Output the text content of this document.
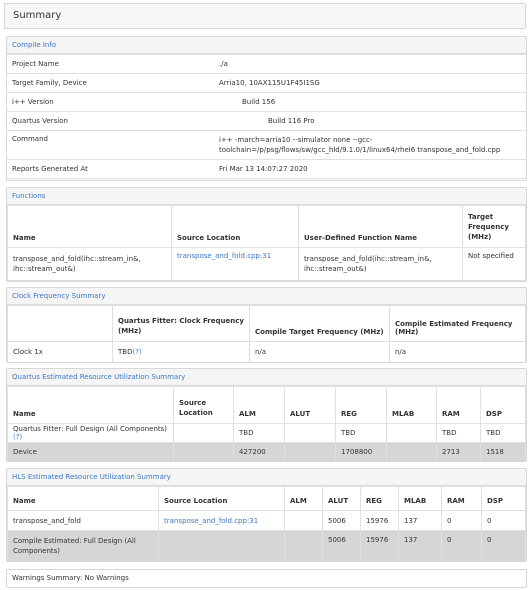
Summary
Compile Info
Project Name	./a
Target Family, Device	Arria10, 10AX115U1F45I1SG
i++ Version	Build 156
Quartus Version	Build 116 Pro
Command	i++ -march=arria10 --simulator none --gcc-toolchain=/p/psg/flows/sw/gcc_hld/9.1.0/1/linux64/rhel6 transpose_and_fold.cpp
Reports Generated At	Fri Mar 13 14:07:27 2020
Functions
Name	Source Location	User-Defined Function Name	Target Frequency (MHz)
transpose_and_fold(ihc::stream_in&, ihc::stream_out&)	transpose_and_fold.cpp:31	transpose_and_fold(ihc::stream_in&, ihc::stream_out&)	Not specified
Clock Frequency Summary
	Quartus Fitter: Clock Frequency (MHz)	Compile Target Frequency (MHz)	Compile Estimated Frequency (MHz)
Clock 1x	TBD(?)	n/a	n/a
Quartus Estimated Resource Utilization Summary
Name	Source Location	ALM	ALUT	REG	MLAB	RAM	DSP
Quartus Fitter: Full Design (All Components)(?)		TBD		TBD		TBD	TBD
Device		427200		1708800		2713	1518
HLS Estimated Resource Utilization Summary
Name	Source Location	ALM	ALUT	REG	MLAB	RAM	DSP
transpose_and_fold	transpose_and_fold.cpp:31		5006	15976	137	0	0
Compile Estimated: Full Design (All Components)			5006	15976	137	0	0
Warnings Summary: No Warnings
